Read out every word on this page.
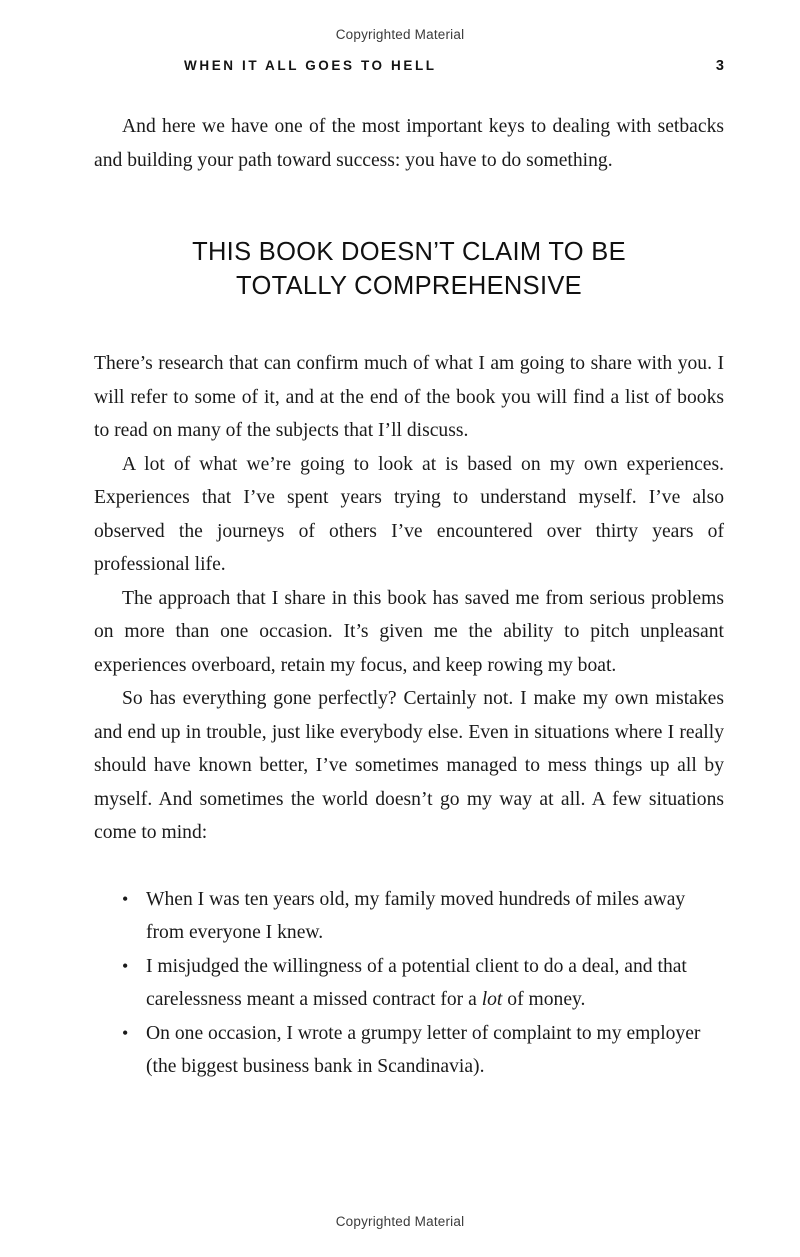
Copyrighted Material
WHEN IT ALL GOES TO HELL	3

And here we have one of the most important keys to dealing with setbacks and building your path toward success: you have to do something.

THIS BOOK DOESN’T CLAIM TO BE
TOTALLY COMPREHENSIVE

There’s research that can confirm much of what I am going to share with you. I will refer to some of it, and at the end of the book you will find a list of books to read on many of the subjects that I’ll discuss.

A lot of what we’re going to look at is based on my own experiences. Experiences that I’ve spent years trying to understand myself. I’ve also observed the journeys of others I’ve encountered over thirty years of professional life.

The approach that I share in this book has saved me from serious problems on more than one occasion. It’s given me the ability to pitch unpleasant experiences overboard, retain my focus, and keep rowing my boat.

So has everything gone perfectly? Certainly not. I make my own mistakes and end up in trouble, just like everybody else. Even in situations where I really should have known better, I’ve sometimes managed to mess things up all by myself. And sometimes the world doesn’t go my way at all. A few situations come to mind:

• When I was ten years old, my family moved hundreds of miles away from everyone I knew.
• I misjudged the willingness of a potential client to do a deal, and that carelessness meant a missed contract for a lot of money.
• On one occasion, I wrote a grumpy letter of complaint to my employer (the biggest business bank in Scandinavia).
Copyrighted Material
